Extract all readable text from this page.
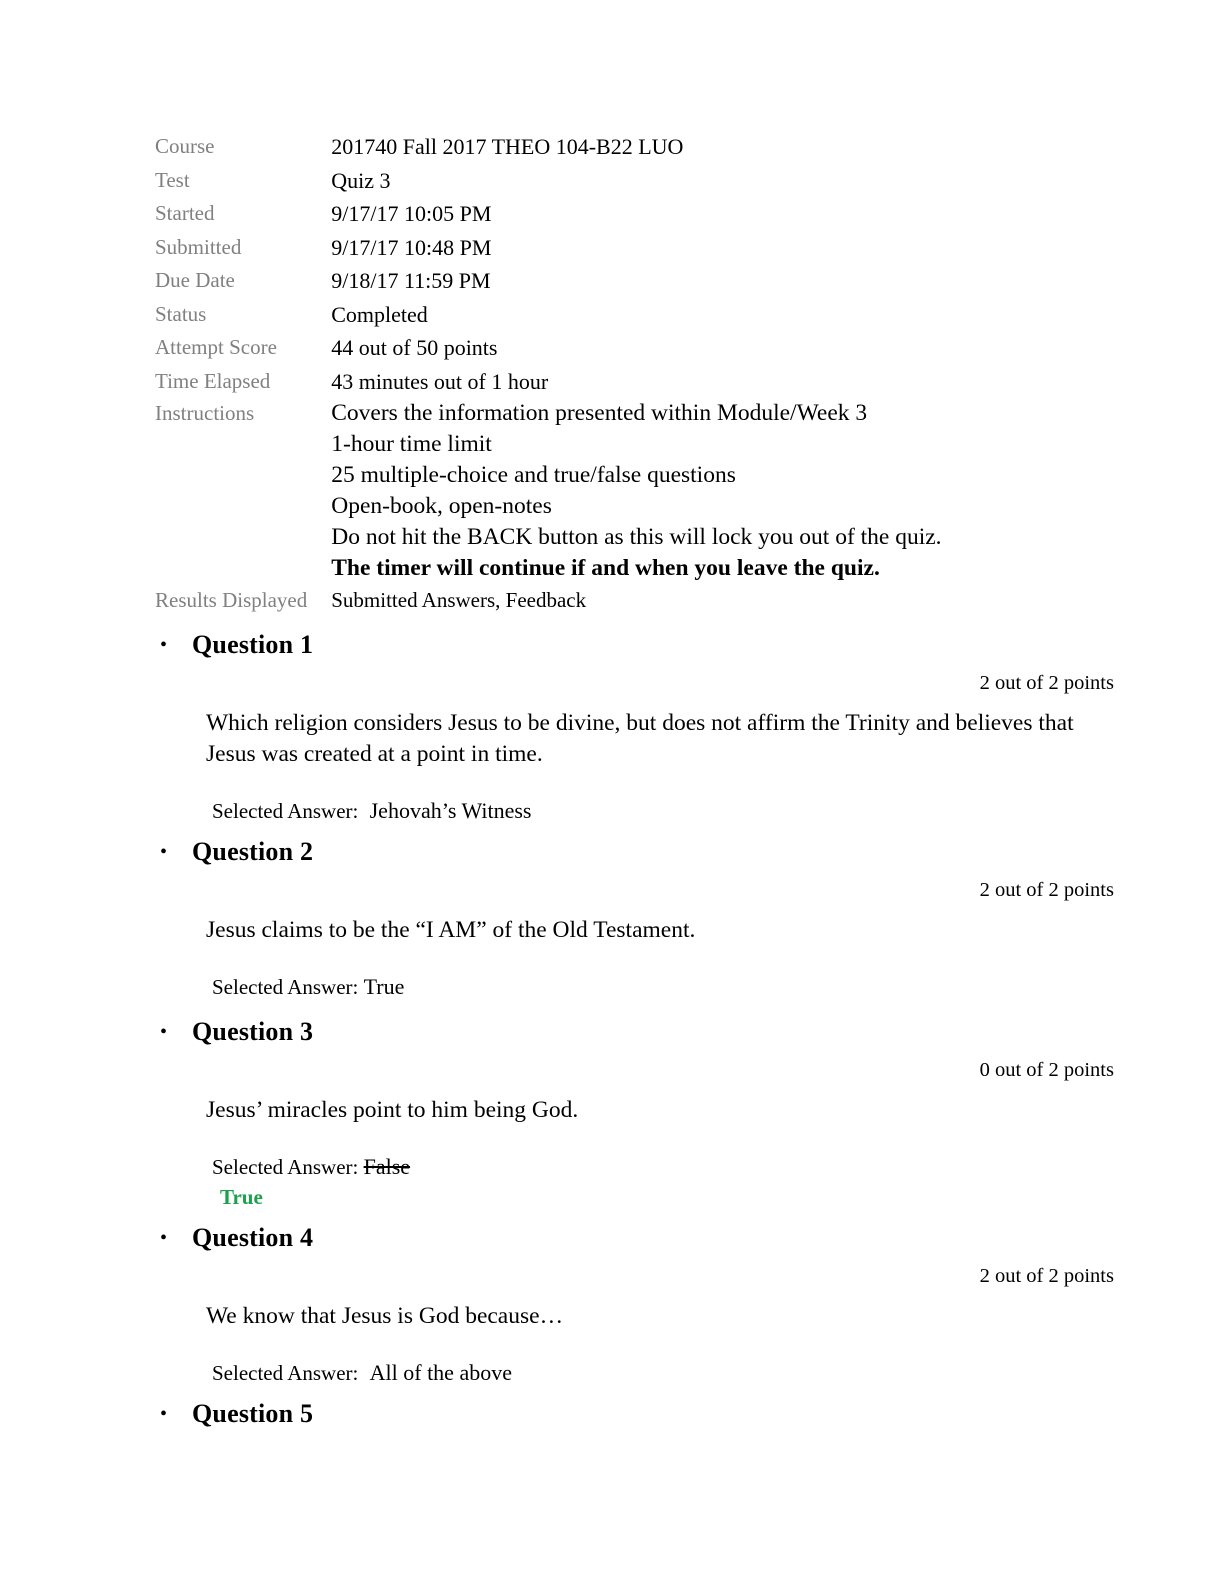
Course	201740 Fall 2017 THEO 104-B22 LUO
Test	Quiz 3
Started	9/17/17 10:05 PM
Submitted	9/17/17 10:48 PM
Due Date	9/18/17 11:59 PM
Status	Completed
Attempt Score	44 out of 50 points
Time Elapsed	43 minutes out of 1 hour
Instructions	Covers the information presented within Module/Week 3
1-hour time limit
25 multiple-choice and true/false questions
Open-book, open-notes
Do not hit the BACK button as this will lock you out of the quiz.
The timer will continue if and when you leave the quiz.

Results Displayed	Submitted Answers, Feedback
• Question 1
2 out of 2 points
Which religion considers Jesus to be divine, but does not affirm the Trinity and believes that Jesus was created at a point in time.
Selected Answer: Jehovah’s Witness
• Question 2
2 out of 2 points
Jesus claims to be the “I AM” of the Old Testament.
Selected Answer: True
• Question 3
0 out of 2 points
Jesus’ miracles point to him being God.
Selected Answer: False
True
• Question 4
2 out of 2 points
We know that Jesus is God because…
Selected Answer: All of the above
• Question 5
